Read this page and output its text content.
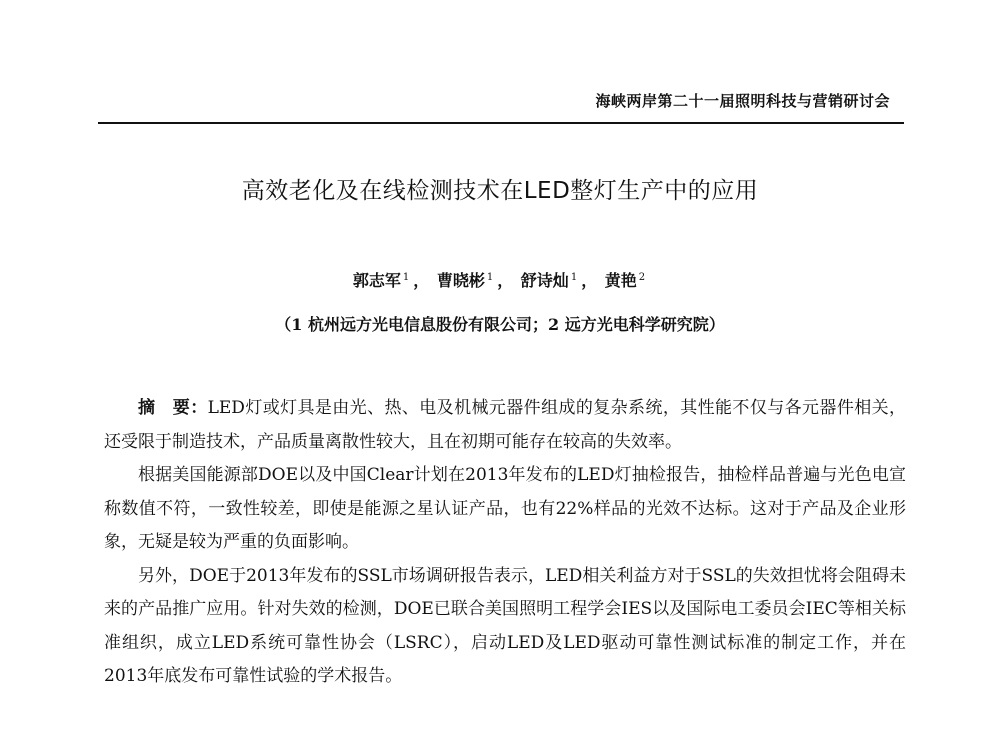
海峡两岸第二十一届照明科技与营销研讨会
高效老化及在线检测技术在LED整灯生产中的应用
郭志军 $^1$ ， 曹晓彬 $^1$ ， 舒诗灿 $^1$ ， 黄艳 $^2$
（1 杭州远方光电信息股份有限公司；2 远方光电科学研究院）

摘　要：LED灯或灯具是由光、热、电及机械元器件组成的复杂系统，其性能不仅与各元器件相关，还受限于制造技术，产品质量离散性较大，且在初期可能存在较高的失效率。

根据美国能源部DOE以及中国Clear计划在2013年发布的LED灯抽检报告，抽检样品普遍与光色电宣称数值不符，一致性较差，即使是能源之星认证产品，也有22%样品的光效不达标。这对于产品及企业形象，无疑是较为严重的负面影响。

另外，DOE于2013年发布的SSL市场调研报告表示，LED相关利益方对于SSL的失效担忧将会阻碍未来的产品推广应用。针对失效的检测，DOE已联合美国照明工程学会IES以及国际电工委员会IEC等相关标准组织，成立LED系统可靠性协会（LSRC），启动LED及LED驱动可靠性测试标准的制定工作，并在2013年底发布可靠性试验的学术报告。
